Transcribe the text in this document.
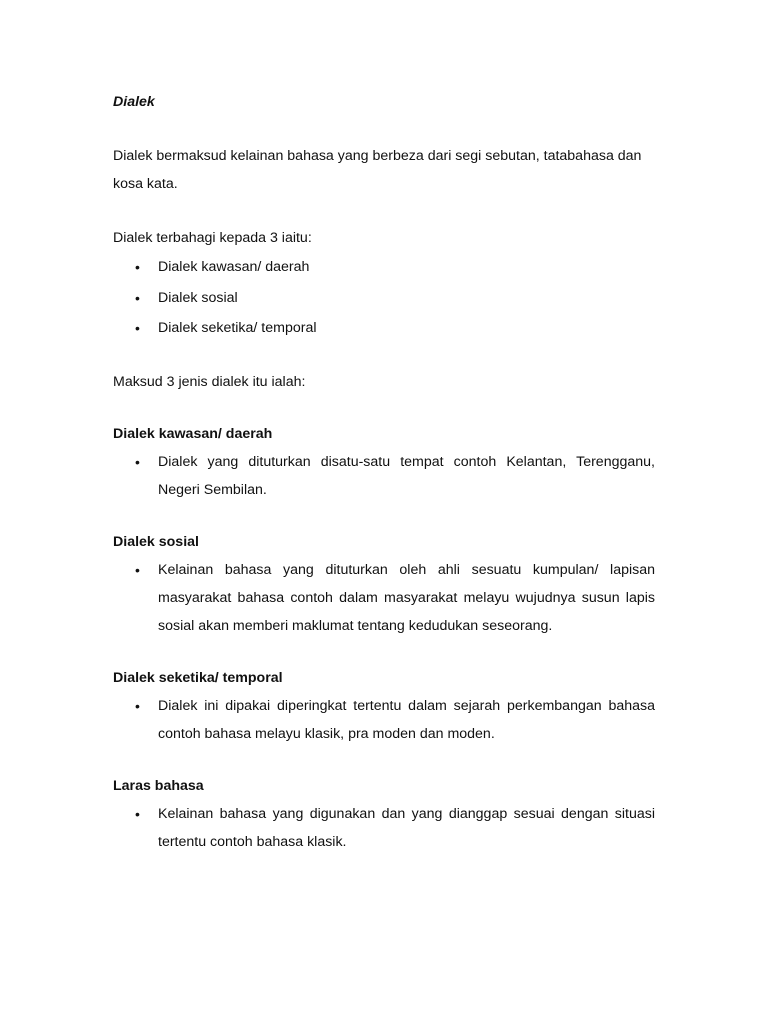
Dialek

Dialek bermaksud kelainan bahasa yang berbeza dari segi sebutan, tatabahasa dan kosa kata.

Dialek terbahagi kepada 3 iaitu:

• Dialek kawasan/ daerah
• Dialek sosial
• Dialek seketika/ temporal

Maksud 3 jenis dialek itu ialah:

Dialek kawasan/ daerah

• Dialek yang dituturkan disatu-satu tempat contoh Kelantan, Terengganu, Negeri Sembilan.

Dialek sosial

• Kelainan bahasa yang dituturkan oleh ahli sesuatu kumpulan/ lapisan masyarakat bahasa contoh dalam masyarakat melayu wujudnya susun lapis sosial akan memberi maklumat tentang kedudukan seseorang.

Dialek seketika/ temporal

• Dialek ini dipakai diperingkat tertentu dalam sejarah perkembangan bahasa contoh bahasa melayu klasik, pra moden dan moden.

Laras bahasa

• Kelainan bahasa yang digunakan dan yang dianggap sesuai dengan situasi tertentu contoh bahasa klasik.
